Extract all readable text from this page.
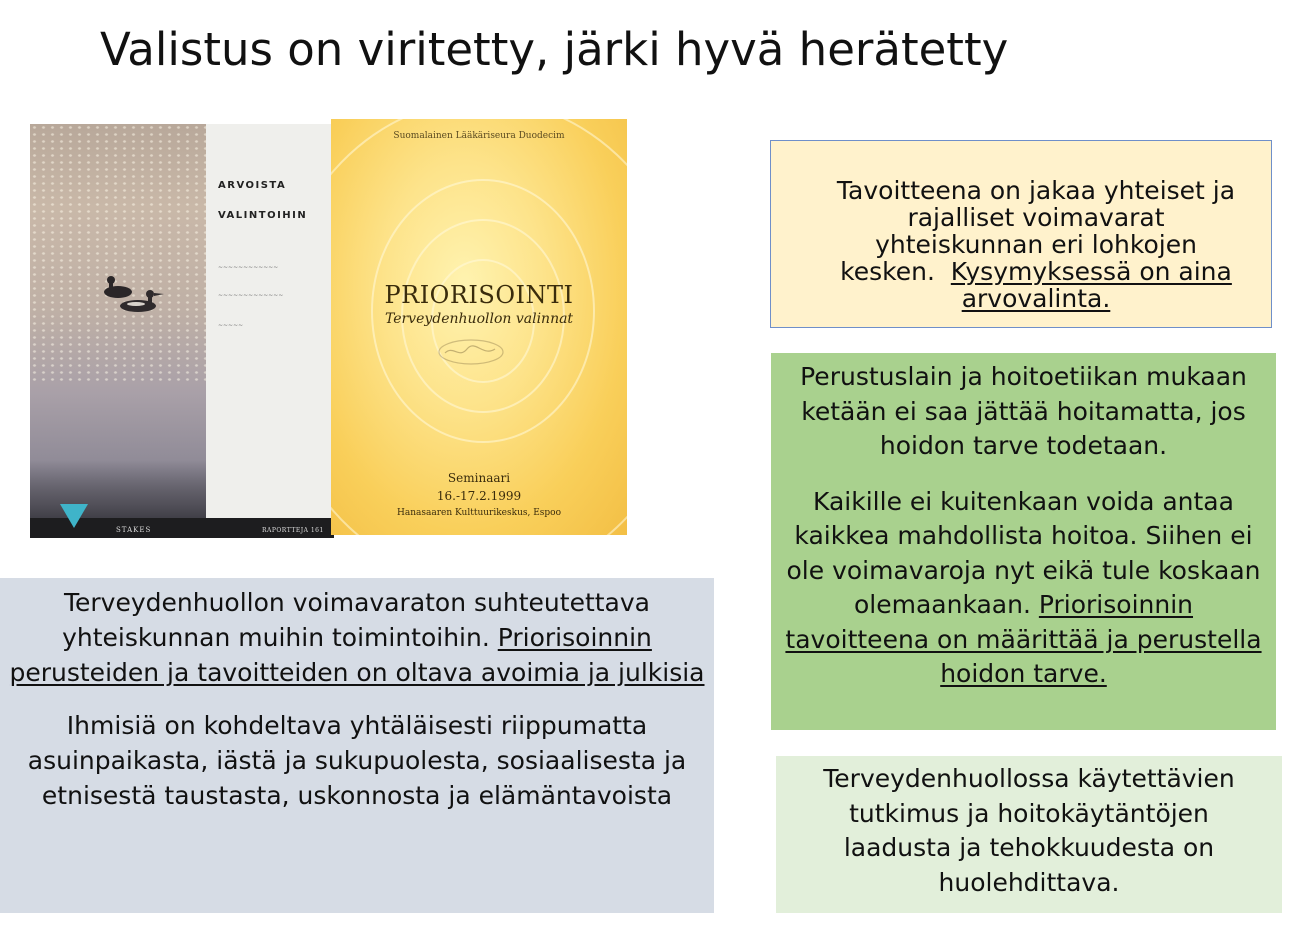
Valistus on viritetty, järki hyvä herätetty
ARVOISTA
VALINTOIHIN
~~~~~~~~~~~~
~~~~~~~~~~~~~
~~~~~
STAKES	RAPORTTEJA 161
Suomalainen Lääkäriseura Duodecim
PRIORISOINTI
Terveydenhuollon valinnat
Seminaari
16.-17.2.1999
Hanasaaren Kulttuurikeskus, Espoo

Tavoitteena on jakaa yhteiset ja

rajalliset voimavarat

yhteiskunnan eri lohkojen

kesken.  Kysymyksessä on aina arvovalinta.

Perustuslain ja hoitoetiikan mukaan ketään ei saa jättää hoitamatta, jos hoidon tarve todetaan.

Kaikille ei kuitenkaan voida antaa kaikkea mahdollista hoitoa. Siihen ei ole voimavaroja nyt eikä tule koskaan olemaankaan. Priorisoinnin tavoitteena on määrittää ja perustella hoidon tarve.

Terveydenhuollossa käytettävien tutkimus ja hoitokäytäntöjen laadusta ja tehokkuudesta on huolehdittava.

Terveydenhuollon voimavaraton suhteutettava yhteiskunnan muihin toimintoihin. Priorisoinnin perusteiden ja tavoitteiden on oltava avoimia ja julkisia

Ihmisiä on kohdeltava yhtäläisesti riippumatta asuinpaikasta, iästä ja sukupuolesta, sosiaalisesta ja etnisestä taustasta, uskonnosta ja elämäntavoista
